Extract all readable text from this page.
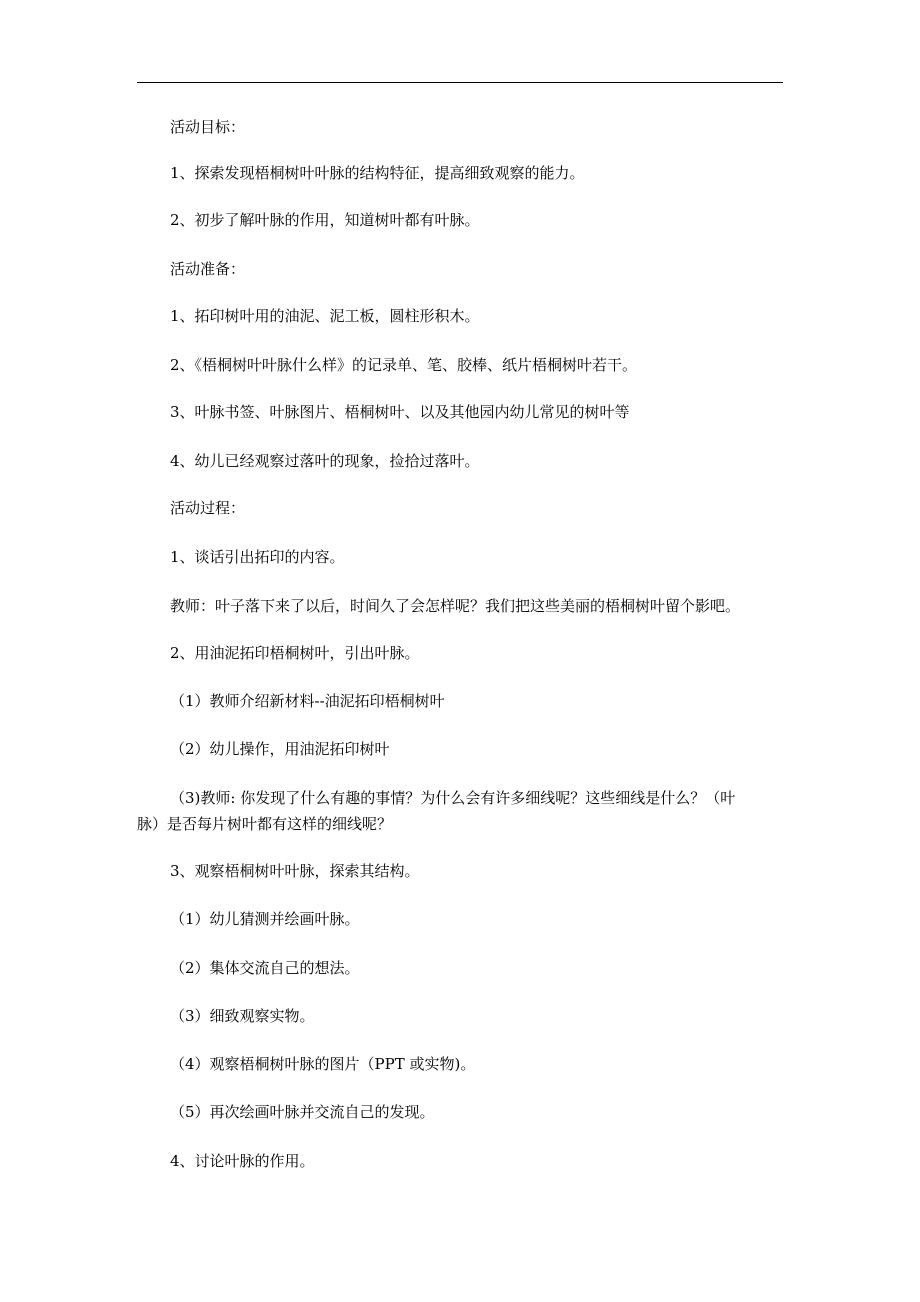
活动目标：
1、探索发现梧桐树叶叶脉的结构特征，提高细致观察的能力。
2、初步了解叶脉的作用，知道树叶都有叶脉。
活动准备：
1、拓印树叶用的油泥、泥工板，圆柱形积木。
2、《梧桐树叶叶脉什么样》的记录单、笔、胶棒、纸片梧桐树叶若干。
3、叶脉书签、叶脉图片、梧桐树叶、以及其他园内幼儿常见的树叶等
4、幼儿已经观察过落叶的现象，捡拾过落叶。
活动过程：
1、谈话引出拓印的内容。
教师：叶子落下来了以后，时间久了会怎样呢？我们把这些美丽的梧桐树叶留个影吧。
2、用油泥拓印梧桐树叶，引出叶脉。
（1）教师介绍新材料--油泥拓印梧桐树叶
（2）幼儿操作，用油泥拓印树叶
（3)教师: 你发现了什么有趣的事情？为什么会有许多细线呢？这些细线是什么？（叶
脉）是否每片树叶都有这样的细线呢？
3、观察梧桐树叶叶脉，探索其结构。
（1）幼儿猜测并绘画叶脉。
（2）集体交流自己的想法。
（3）细致观察实物。
（4）观察梧桐树叶脉的图片（PPT 或实物)。
（5）再次绘画叶脉并交流自己的发现。
4、讨论叶脉的作用。
